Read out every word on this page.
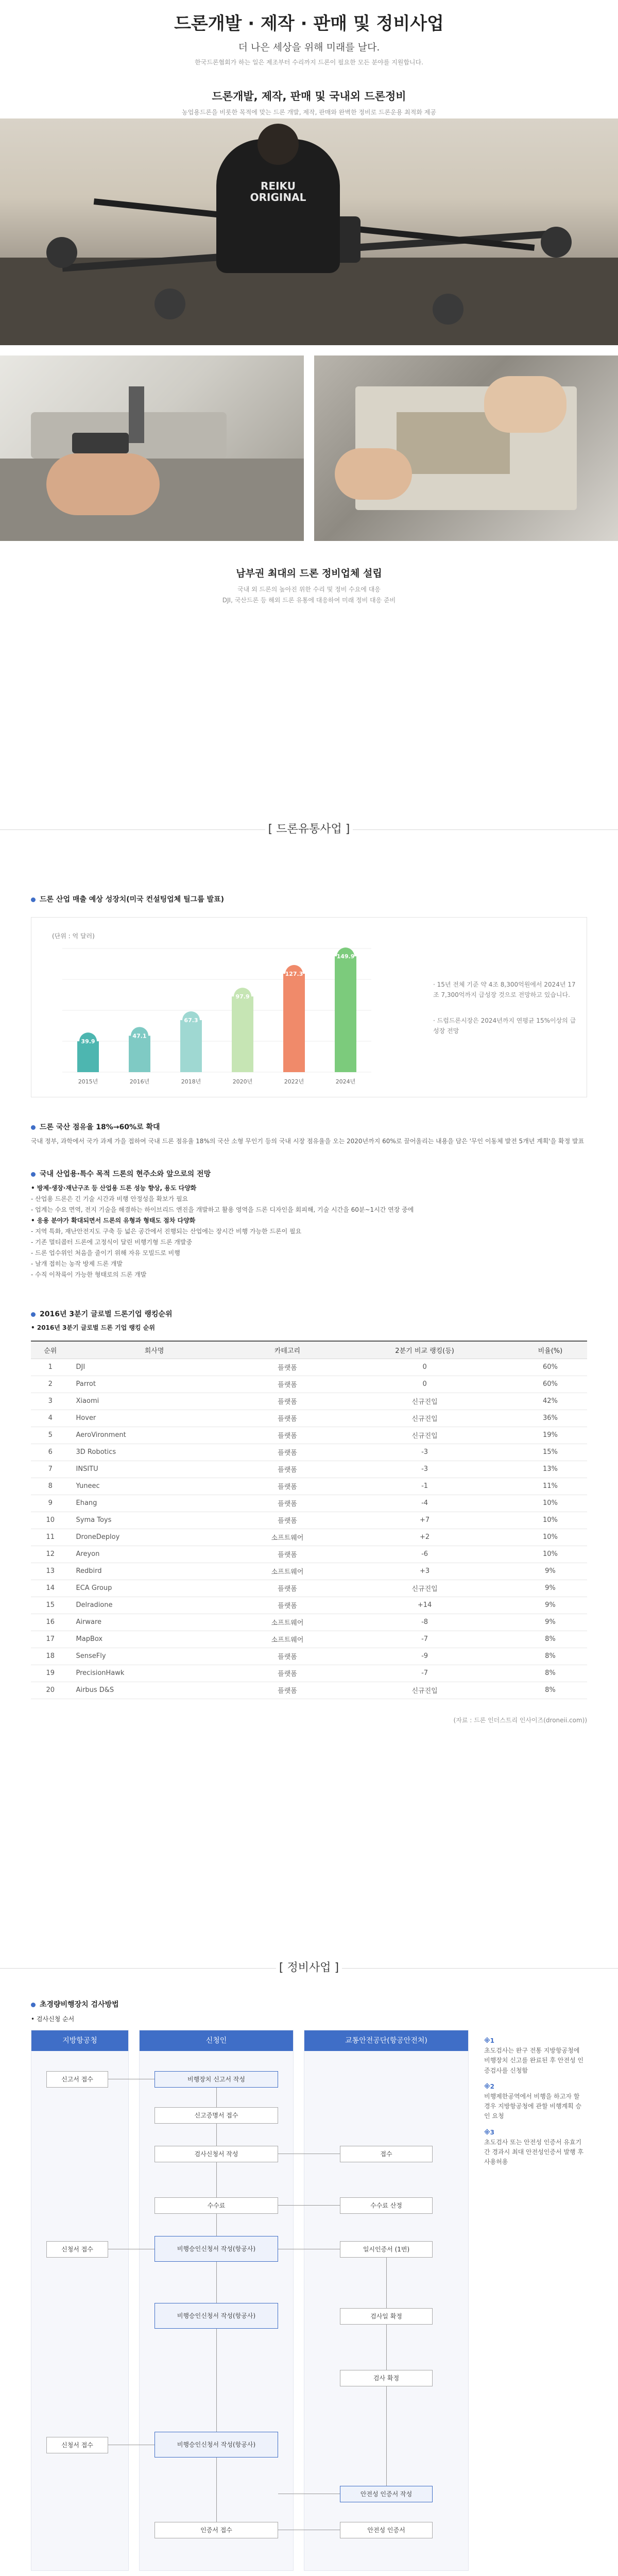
드론개발 · 제작 · 판매 및 정비사업
더 나은 세상을 위해 미래를 날다.
한국드론협회가 하는 일은 제조부터 수리까지 드론이 필요한 모든 분야를 지원합니다.
드론개발, 제작, 판매 및 국내외 드론정비
농업용드론을 비롯한 목적에 맞는 드론 개발, 제작, 판매와 완벽한 정비로 드론운용 최적화 제공
REIKU ORIGINAL
남부권 최대의 드론 정비업체 설립
국내 외 드론의 높아진 위한 수리 및 정비 수요에 대응
DJI, 국산드론 등 해외 드론 유통에 대응하여 미래 정비 대응 준비
[ 드론유통사업 ]
드론 산업 매출 예상 성장치(미국 컨설팅업체 틸그룹 발표)
(단위 : 억 달러)
39.9
2015년
47.1
2016년
67.3
2018년
97.9
2020년
127.3
2022년
149.9
2024년
· 15년 전체 기준 약 4조 8,300억원에서 2024년 17조 7,300억까지 급성장 것으로 전망하고 있습니다.
· 드럼드론시장은 2024년까지 연평균 15%이상의 급성장 전망
드론 국산 점유율 18%→60%로 확대
국내 정부, 과학에서 국가 과제 가을 접하여 국내 드론 점유율 18%의 국산 소형 무인기 등의 국내 시장 점유율을 오는 2020년까지 60%로 끌어올리는 내용을 담은 '무인 이동체 발전 5개년 계획'을 확정 발표
국내 산업용·특수 목적 드론의 현주소와 앞으로의 전망
• 방제·생장·재난구조 등 산업용 드론 성능 향상, 용도 다양화
- 산업용 드론은 긴 기술 시간과 비행 안정성을 확보가 필요
- 업계는 수요 면역, 전지 기술을 해결하는 하이브리드 엔진을 개발하고 활용 영역을 드론 디자인을 회피해, 기술 시간을 60분~1시간 연장 중에
• 응용 분야가 확대되면서 드론의 유형과 형태도 점차 다양화
- 지역 특화, 재난안전지도 구축 등 넓은 공간에서 진행되는 산업에는 장시간 비행 가능한 드론이 필요
- 기존 멀티콥터 드론에 고정식이 달린 비행기형 드론 개발중
- 드론 업수위인 처음을 줄이기 위해 자유 모빌드로 비행
- 날개 접히는 농작 방제 드론 개발
- 수직 이착륙이 가능한 형태로의 드론 개발
2016년 3분기 글로벌 드론기업 랭킹순위
• 2016년 3분기 글로벌 드론 기업 랭킹 순위
순위	회사명	카테고리	2분기 비교 랭킹(등)	비율(%)
1	DJI	플랫폼	0	60%
2	Parrot	플랫폼	0	60%
3	Xiaomi	플랫폼	신규진입	42%
4	Hover	플랫폼	신규진입	36%
5	AeroVironment	플랫폼	신규진입	19%
6	3D Robotics	플랫폼	-3	15%
7	INSITU	플랫폼	-3	13%
8	Yuneec	플랫폼	-1	11%
9	Ehang	플랫폼	-4	10%
10	Syma Toys	플랫폼	+7	10%
11	DroneDeploy	소프트웨어	+2	10%
12	Areyon	플랫폼	-6	10%
13	Redbird	소프트웨어	+3	9%
14	ECA Group	플랫폼	신규진입	9%
15	Delradione	플랫폼	+14	9%
16	Airware	소프트웨어	-8	9%
17	MapBox	소프트웨어	-7	8%
18	SenseFly	플랫폼	-9	8%
19	PrecisionHawk	플랫폼	-7	8%
20	Airbus D&S	플랫폼	신규진입	8%
(자료 : 드론 인더스트리 인사이즈(droneii.com))
[ 정비사업 ]
초경량비행장치 검사방법
• 검사신청 순서
지방항공청	신청인	교통안전공단(항공안전처)
비행장치 신고서 작성
신고증명서 접수
검사신청서 작성
수수료
비행승인신청서 작성(항공사)
비행승인신청서 작성(항공사)
비행승인신청서 작성(항공사)
인증서 접수
신고서 접수
신청서 접수
신청서 접수
접수
수수료 산정
일시인증서 (1번)
검사일 확정
검사 확정
안전성 인증서 작성
안전성 인증서
※1
초도검사는 완구 전통 지방항공청에 비행장치 신고를 완료된 후 안전성 인증검사를 신청함
※2
비행제한공역에서 비행을 하고자 할 경우 지방항공청에 관할 비행계획 승인 요청
※3
초도검사 또는 안전성 인증서 유효기간 경과시 최대 안전성인증서 발행 후 사용허용
